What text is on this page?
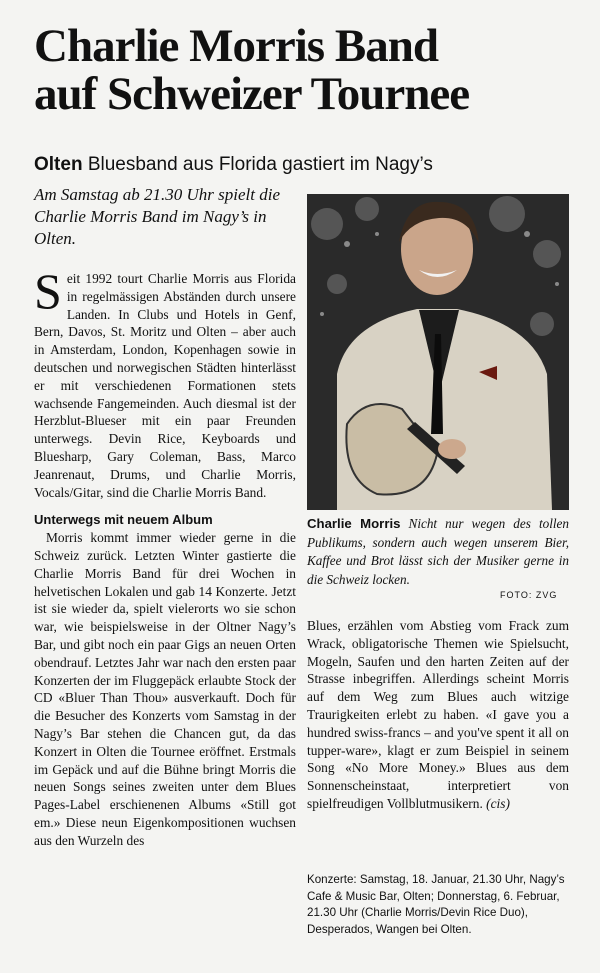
Charlie Morris Band
auf Schweizer Tournee
Olten Bluesband aus Florida gastiert im Nagy’s
Am Samstag ab 21.30 Uhr spielt die Charlie Morris Band im Nagy’s in Olten.

Seit 1992 tourt Charlie Morris aus Florida in regelmässigen Abständen durch unsere Landen. In Clubs und Hotels in Genf, Bern, Davos, St. Moritz und Olten – aber auch in Amsterdam, London, Kopenhagen sowie in deutschen und norwegischen Städten hinterlässt er mit verschiedenen Formationen stets wachsende Fangemeinden. Auch diesmal ist der Herzblut-Blueser mit ein paar Freunden unterwegs. Devin Rice, Keyboards und Bluesharp, Gary Coleman, Bass, Marco Jeanrenaut, Drums, und Charlie Morris, Vocals/Gitar, sind die Charlie Morris Band.

Unterwegs mit neuem Album

Morris kommt immer wieder gerne in die Schweiz zurück. Letzten Winter gastierte die Charlie Morris Band für drei Wochen in helvetischen Lokalen und gab 14 Konzerte. Jetzt ist sie wieder da, spielt vielerorts wo sie schon war, wie beispielsweise in der Oltner Nagy’s Bar, und gibt noch ein paar Gigs an neuen Orten obendrauf. Letztes Jahr war nach den ersten paar Konzerten der im Fluggepäck erlaubte Stock der CD «Bluer Than Thou» ausverkauft. Doch für die Besucher des Konzerts vom Samstag in der Nagy’s Bar stehen die Chancen gut, da das Konzert in Olten die Tournee eröffnet. Erstmals im Gepäck und auf die Bühne bringt Morris die neuen Songs seines zweiten unter dem Blues Pages-Label erschienenen Albums «Still got em.» Diese neun Eigenkompositionen wuchsen aus den Wurzeln des

Charlie Morris Nicht nur wegen des tollen Publikums, sondern auch wegen unserem Bier, Kaffee und Brot lässt sich der Musiker gerne in die Schweiz locken.
FOTO: ZVG

Blues, erzählen vom Abstieg vom Frack zum Wrack, obligatorische Themen wie Spielsucht, Mogeln, Saufen und den harten Zeiten auf der Strasse inbegriffen. Allerdings scheint Morris auf dem Weg zum Blues auch witzige Traurigkeiten erlebt zu haben. «I gave you a hundred swiss-francs – and you've spent it all on tupper-ware», klagt er zum Beispiel in seinem Song «No More Money.» Blues aus dem Sonnenscheinstaat, interpretiert von spielfreudigen Vollblutmusikern. (cis)

Konzerte: Samstag, 18. Januar, 21.30 Uhr, Nagy’s Cafe & Music Bar, Olten; Donnerstag, 6. Februar, 21.30 Uhr (Charlie Morris/Devin Rice Duo), Desperados, Wangen bei Olten.
